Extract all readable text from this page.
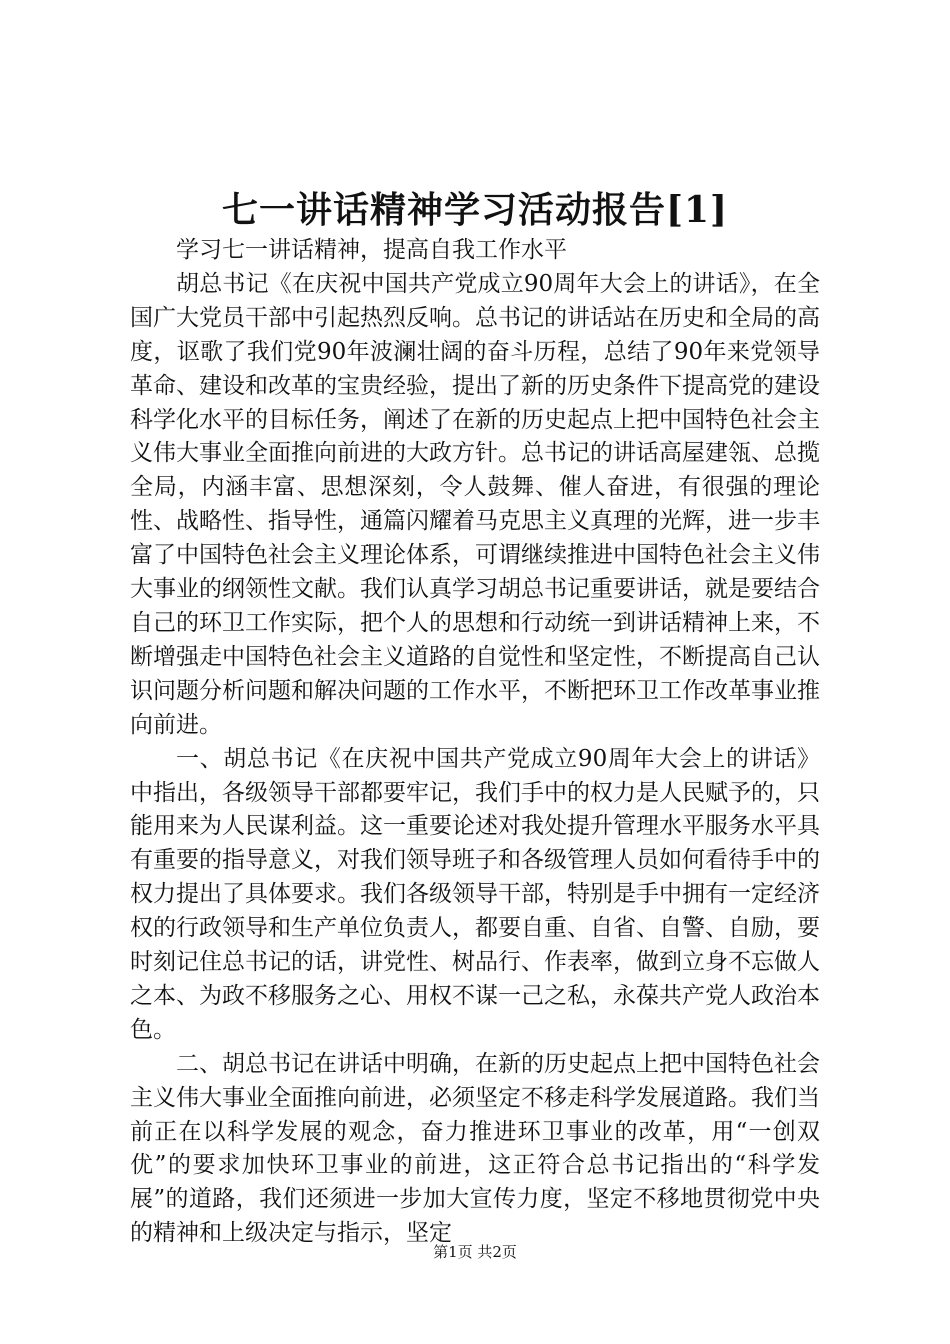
七一讲话精神学习活动报告[1]

学习七一讲话精神，提高自我工作水平

胡总书记《在庆祝中国共产党成立90周年大会上的讲话》，在全国广大党员干部中引起热烈反响。总书记的讲话站在历史和全局的高度，讴歌了我们党90年波澜壮阔的奋斗历程，总结了90年来党领导革命、建设和改革的宝贵经验，提出了新的历史条件下提高党的建设科学化水平的目标任务，阐述了在新的历史起点上把中国特色社会主义伟大事业全面推向前进的大政方针。总书记的讲话高屋建瓴、总揽全局，内涵丰富、思想深刻，令人鼓舞、催人奋进，有很强的理论性、战略性、指导性，通篇闪耀着马克思主义真理的光辉，进一步丰富了中国特色社会主义理论体系，可谓继续推进中国特色社会主义伟大事业的纲领性文献。我们认真学习胡总书记重要讲话，就是要结合自己的环卫工作实际，把个人的思想和行动统一到讲话精神上来，不断增强走中国特色社会主义道路的自觉性和坚定性，不断提高自己认识问题分析问题和解决问题的工作水平，不断把环卫工作改革事业推向前进。

一、胡总书记《在庆祝中国共产党成立90周年大会上的讲话》中指出，各级领导干部都要牢记，我们手中的权力是人民赋予的，只能用来为人民谋利益。这一重要论述对我处提升管理水平服务水平具有重要的指导意义，对我们领导班子和各级管理人员如何看待手中的权力提出了具体要求。我们各级领导干部，特别是手中拥有一定经济权的行政领导和生产单位负责人，都要自重、自省、自警、自励，要时刻记住总书记的话，讲党性、树品行、作表率，做到立身不忘做人之本、为政不移服务之心、用权不谋一己之私，永葆共产党人政治本色。

二、胡总书记在讲话中明确，在新的历史起点上把中国特色社会主义伟大事业全面推向前进，必须坚定不移走科学发展道路。我们当前正在以科学发展的观念，奋力推进环卫事业的改革，用“一创双优”的要求加快环卫事业的前进，这正符合总书记指出的“科学发展”的道路，我们还须进一步加大宣传力度，坚定不移地贯彻党中央的精神和上级决定与指示，坚定

第1页 共2页
